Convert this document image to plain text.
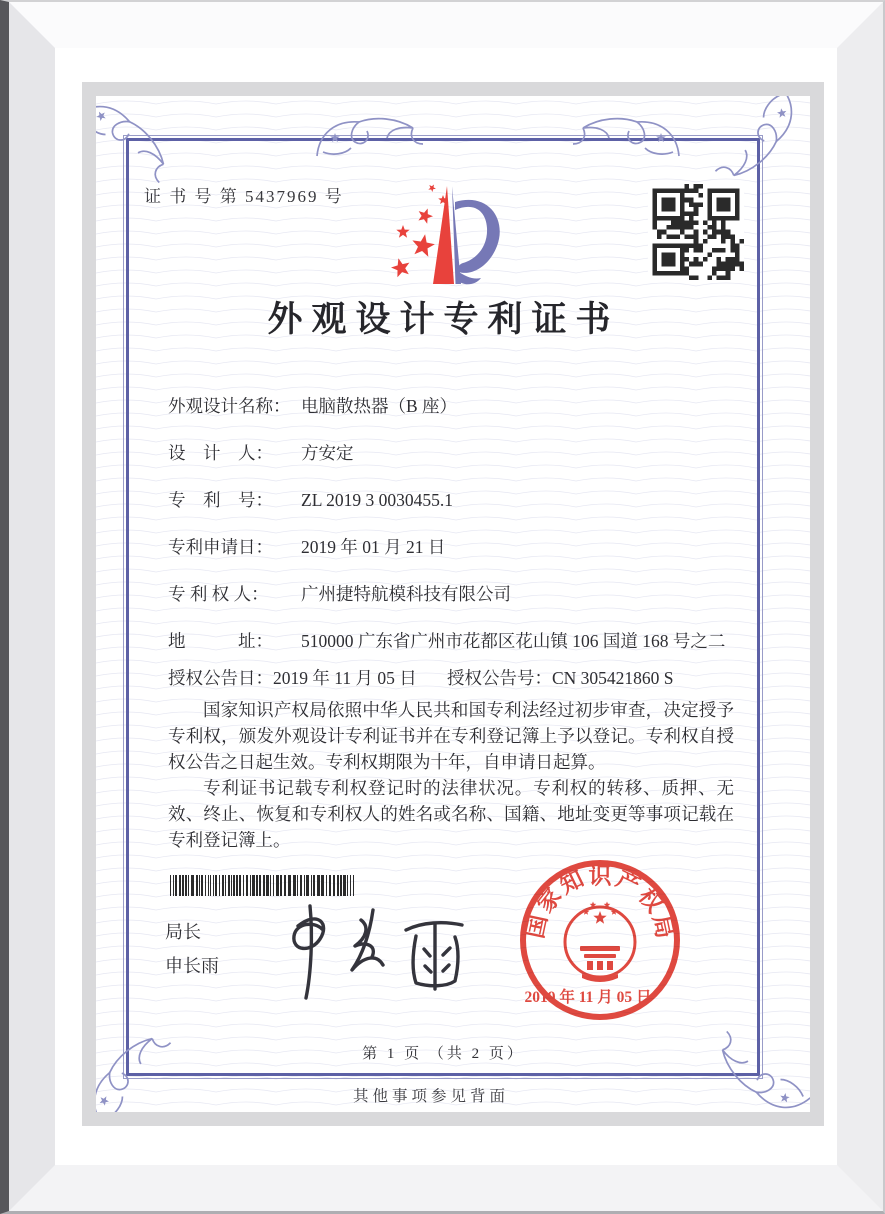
证 书 号 第 5437969 号
外观设计专利证书
外观设计名称： 电脑散热器（B 座）
设　计　人： 方安定
专　利　号： ZL 2019 3 0030455.1
专利申请日： 2019 年 01 月 21 日
专 利 权 人： 广州捷特航模科技有限公司
地　　　址： 510000 广东省广州市花都区花山镇 106 国道 168 号之二
授权公告日：2019 年 11 月 05 日 授权公告号：CN 305421860 S

国家知识产权局依照中华人民共和国专利法经过初步审查，决定授予专利权，颁发外观设计专利证书并在专利登记簿上予以登记。专利权自授权公告之日起生效。专利权期限为十年，自申请日起算。

专利证书记载专利权登记时的法律状况。专利权的转移、质押、无效、终止、恢复和专利权人的姓名或名称、国籍、地址变更等事项记载在专利登记簿上。

局长
申长雨
国
家
知 识 产
权
局
2019 年 11 月 05 日
第 1 页 （共 2 页）
其他事项参见背面
